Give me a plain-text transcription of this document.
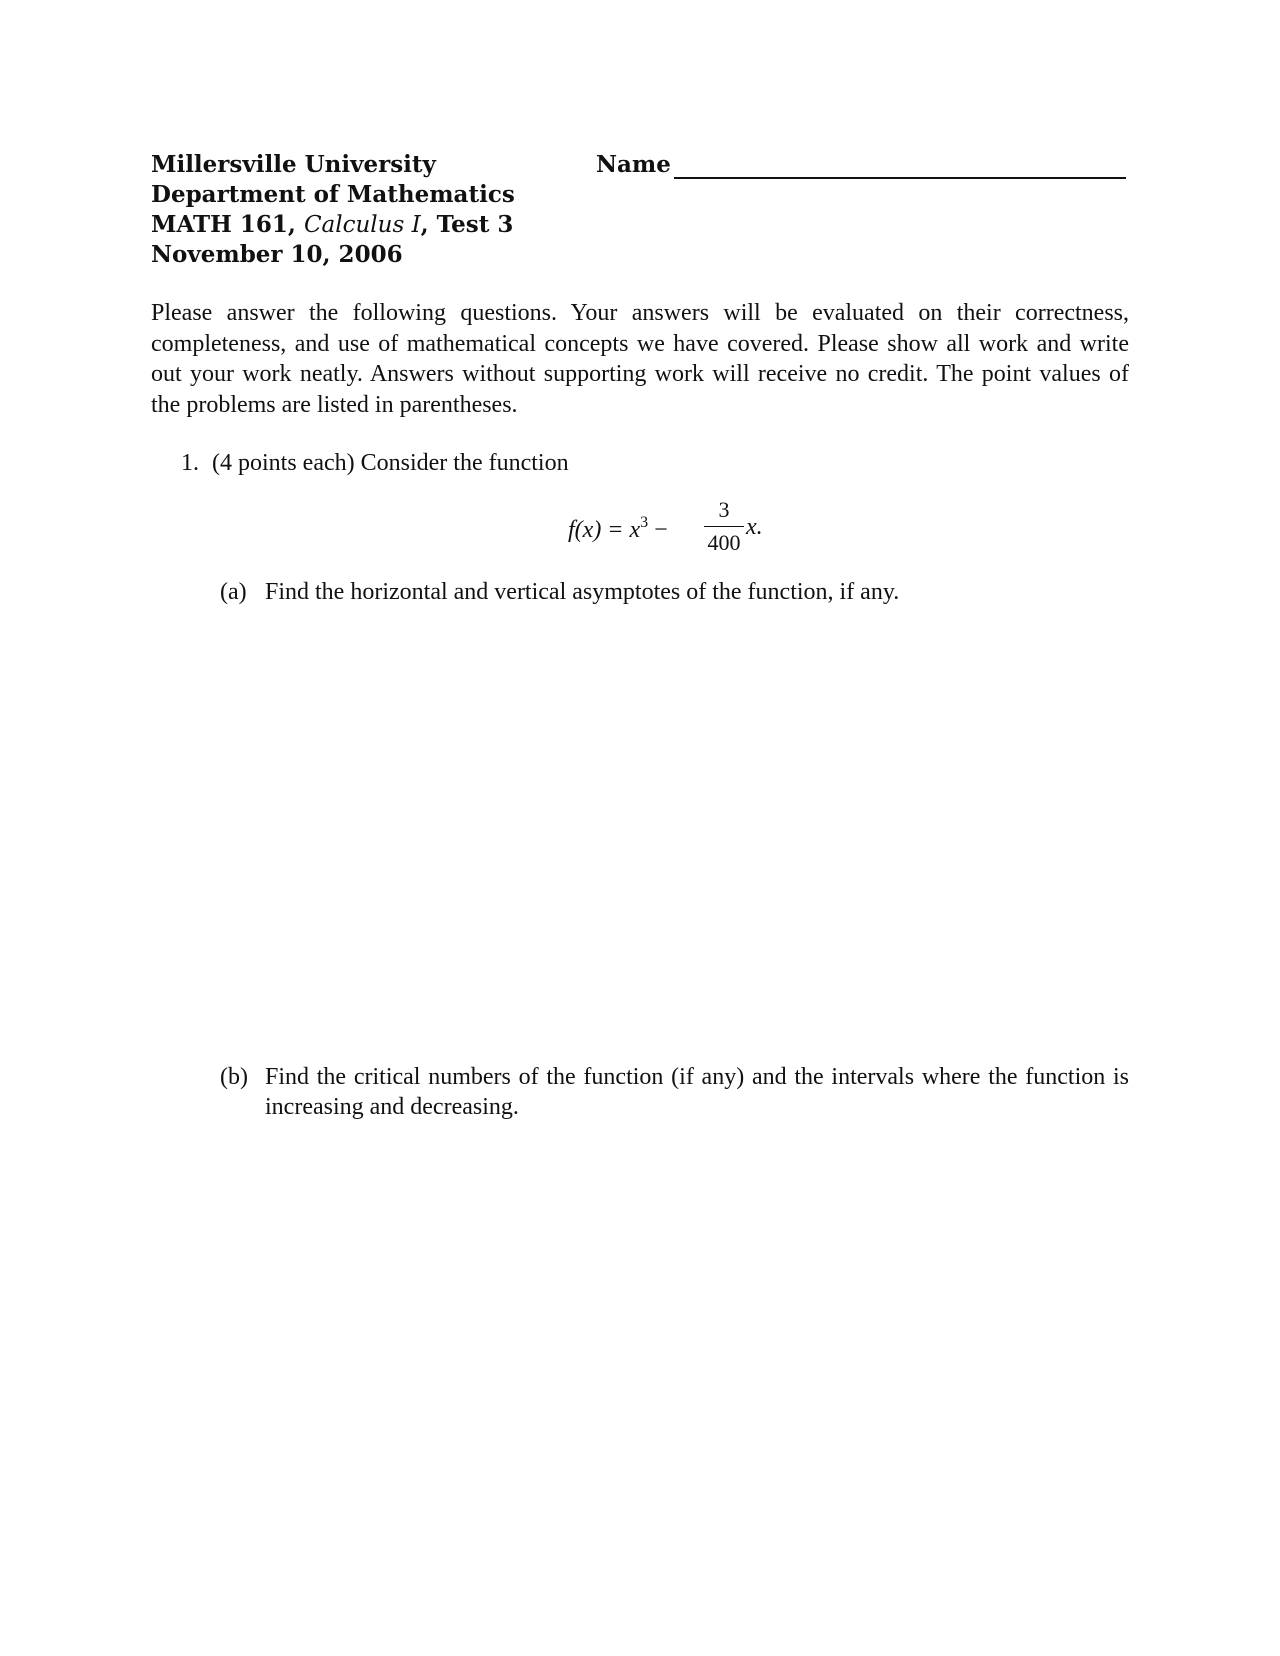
Millersville University
Department of Mathematics
MATH 161, Calculus I, Test 3
November 10, 2006
Name
Please answer the following questions. Your answers will be evaluated on their correctness, completeness, and use of mathematical concepts we have covered. Please show all work and write out your work neatly. Answers without supporting work will receive no credit. The point values of the problems are listed in parentheses.
1. (4 points each) Consider the function
$f(x) = x^3$ −
3
400
x.
(a) Find the horizontal and vertical asymptotes of the function, if any.
(b) Find the critical numbers of the function (if any) and the intervals where the function is increasing and decreasing.
